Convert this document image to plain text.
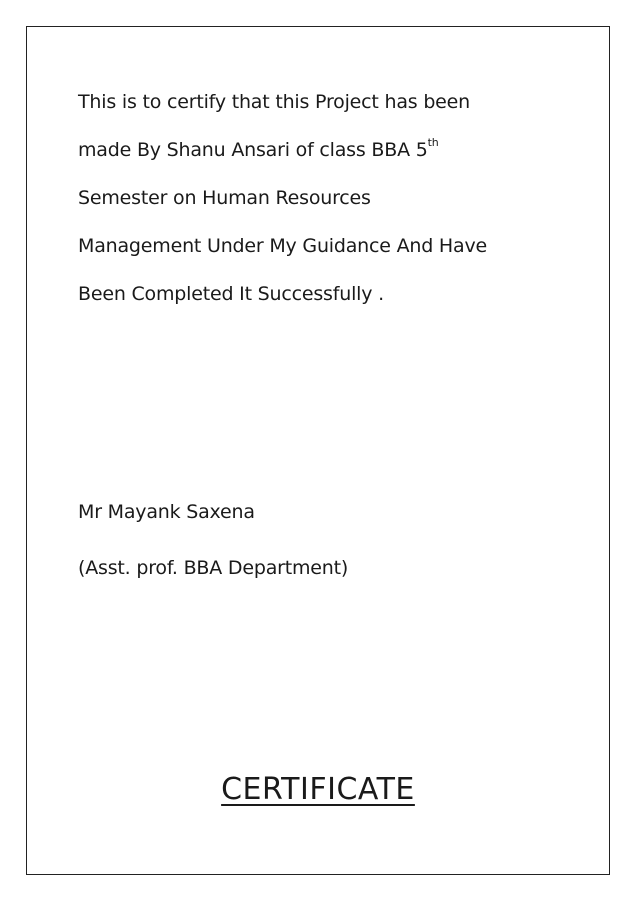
This is to certify that this Project has been
made By Shanu Ansari of class BBA 5th
Semester on Human Resources
Management Under My Guidance And Have
Been Completed It Successfully .
Mr Mayank Saxena
(Asst. prof. BBA Department)
CERTIFICATE
